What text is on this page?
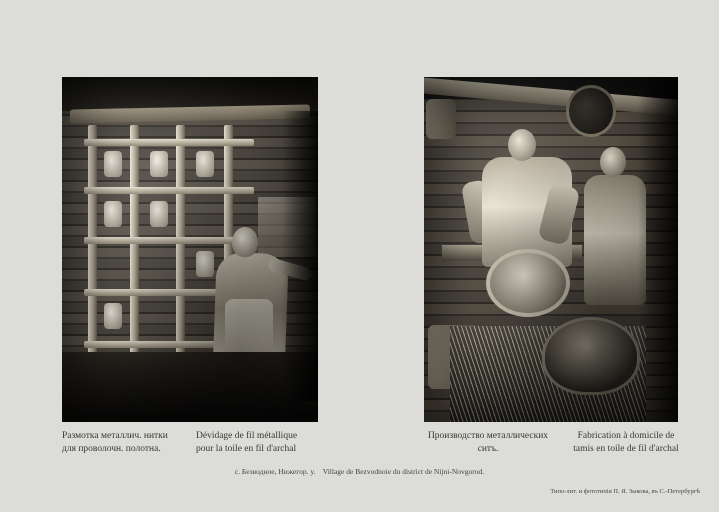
Размотка металлич. нитки
для проволочн. полотна.
Dévidage de fil métallique
pour la toile en fil d'archal
Производство металлических
ситъ.
Fabrication à domicile de
tamis en toile de fil d'archal
с. Безводное, Нижегор. у. Village de Bezvodnoie du district de Nijni-Novgorod.
Типо-лит. и фототипія П. Я. Зыкова, въ С.-Петербургѣ
